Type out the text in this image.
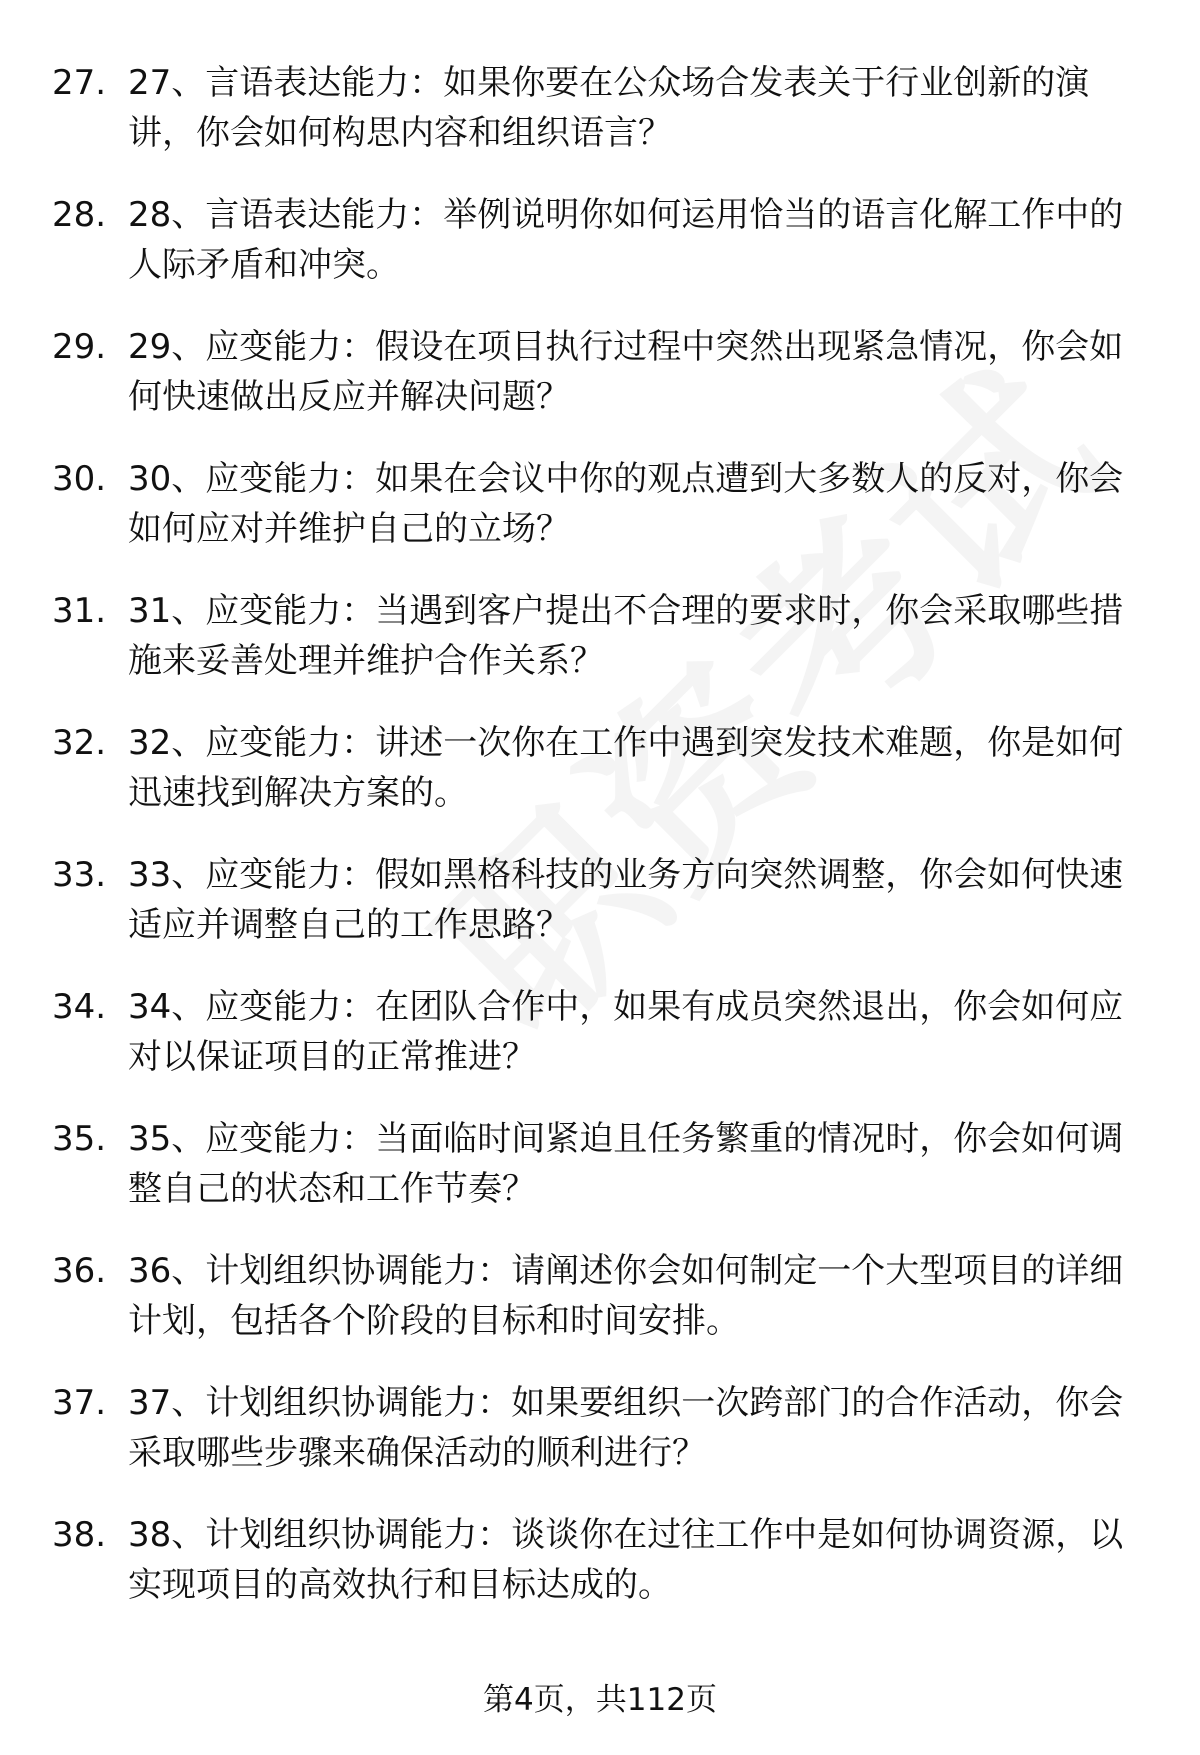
27. 27、言语表达能力：如果你要在公众场合发表关于行业创新的演讲，你会如何构思内容和组织语言？
28. 28、言语表达能力：举例说明你如何运用恰当的语言化解工作中的人际矛盾和冲突。
29. 29、应变能力：假设在项目执行过程中突然出现紧急情况，你会如何快速做出反应并解决问题？
30. 30、应变能力：如果在会议中你的观点遭到大多数人的反对，你会如何应对并维护自己的立场？
31. 31、应变能力：当遇到客户提出不合理的要求时，你会采取哪些措施来妥善处理并维护合作关系？
32. 32、应变能力：讲述一次你在工作中遇到突发技术难题，你是如何迅速找到解决方案的。
33. 33、应变能力：假如黑格科技的业务方向突然调整，你会如何快速适应并调整自己的工作思路？
34. 34、应变能力：在团队合作中，如果有成员突然退出，你会如何应对以保证项目的正常推进？
35. 35、应变能力：当面临时间紧迫且任务繁重的情况时，你会如何调整自己的状态和工作节奏？
36. 36、计划组织协调能力：请阐述你会如何制定一个大型项目的详细计划，包括各个阶段的目标和时间安排。
37. 37、计划组织协调能力：如果要组织一次跨部门的合作活动，你会采取哪些步骤来确保活动的顺利进行？
38. 38、计划组织协调能力：谈谈你在过往工作中是如何协调资源，以实现项目的高效执行和目标达成的。
第4页，共112页
